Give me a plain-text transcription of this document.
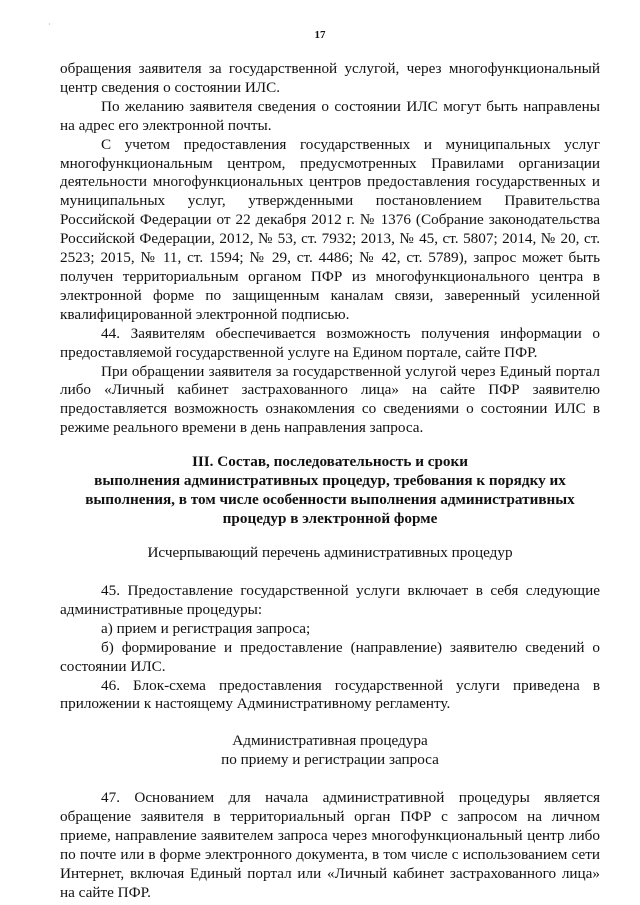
·
17

обращения заявителя за государственной услугой, через многофункциональный центр сведения о состоянии ИЛС.

По желанию заявителя сведения о состоянии ИЛС могут быть направлены на адрес его электронной почты.

С учетом предоставления государственных и муниципальных услуг многофункциональным центром, предусмотренных Правилами организации деятельности многофункциональных центров предоставления государственных и муниципальных услуг, утвержденными постановлением Правительства Российской Федерации от 22 декабря 2012 г. № 1376 (Собрание законодательства Российской Федерации, 2012, № 53, ст. 7932; 2013, № 45, ст. 5807; 2014, № 20, ст. 2523; 2015, № 11, ст. 1594; № 29, ст. 4486; № 42, ст. 5789), запрос может быть получен территориальным органом ПФР из многофункционального центра в электронной форме по защищенным каналам связи, заверенный усиленной квалифицированной электронной подписью.

44. Заявителям обеспечивается возможность получения информации о предоставляемой государственной услуге на Едином портале, сайте ПФР.

При обращении заявителя за государственной услугой через Единый портал либо «Личный кабинет застрахованного лица» на сайте ПФР заявителю предоставляется возможность ознакомления со сведениями о состоянии ИЛС в режиме реального времени в день направления запроса.

III. Состав, последовательность и сроки
выполнения административных процедур, требования к порядку их выполнения, в том числе особенности выполнения административных процедур в электронной форме

Исчерпывающий перечень административных процедур

45. Предоставление государственной услуги включает в себя следующие административные процедуры:

а) прием и регистрация запроса;

б) формирование и предоставление (направление) заявителю сведений о состоянии ИЛС.

46. Блок-схема предоставления государственной услуги приведена в приложении к настоящему Административному регламенту.

Административная процедура
по приему и регистрации запроса

47. Основанием для начала административной процедуры является обращение заявителя в территориальный орган ПФР с запросом на личном приеме, направление заявителем запроса через многофункциональный центр либо по почте или в форме электронного документа, в том числе с использованием сети Интернет, включая Единый портал или «Личный кабинет застрахованного лица» на сайте ПФР.
